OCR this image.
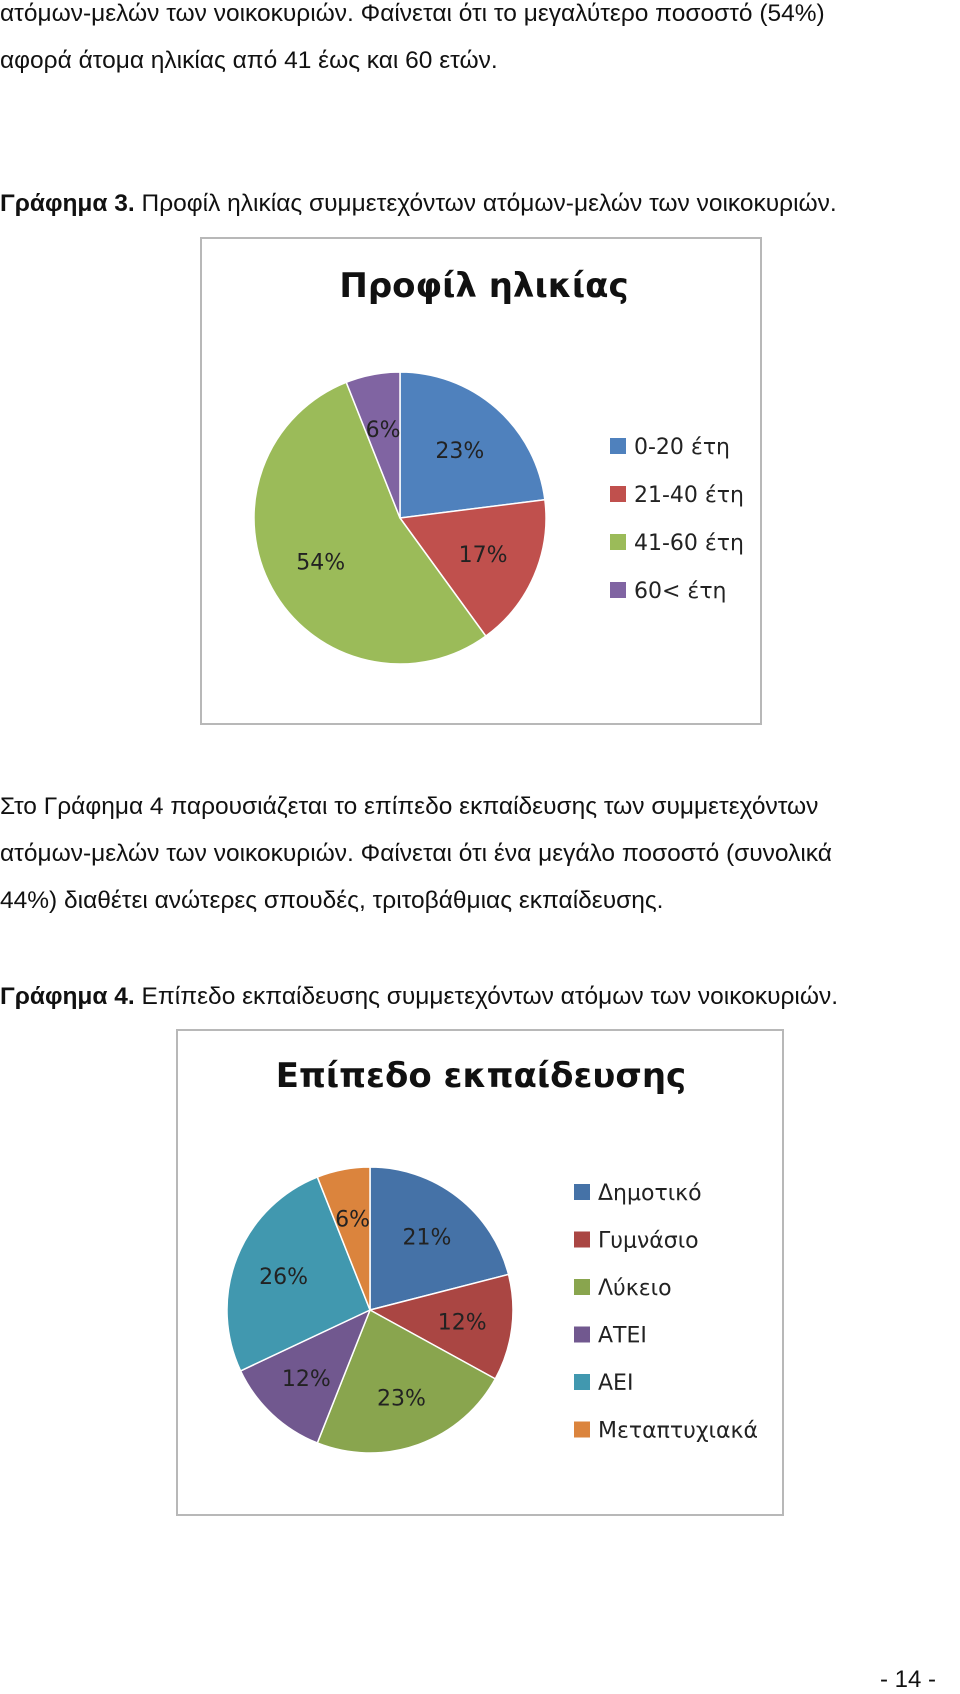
ατόμων-μελών των νοικοκυριών. Φαίνεται ότι το μεγαλύτερο ποσοστό (54%)
αφορά άτομα ηλικίας από 41 έως και 60 ετών.

Γράφημα 3. Προφίλ ηλικίας συμμετεχόντων ατόμων-μελών των νοικοκυριών.

Προφίλ ηλικίας
23%
17%
54%
6%
0-20 έτη
21-40 έτη
41-60 έτη
60< έτη
Στο Γράφημα 4 παρουσιάζεται το επίπεδο εκπαίδευσης των συμμετεχόντων
ατόμων-μελών των νοικοκυριών. Φαίνεται ότι ένα μεγάλο ποσοστό (συνολικά
44%) διαθέτει ανώτερες σπουδές, τριτοβάθμιας εκπαίδευσης.

Γράφημα 4. Επίπεδο εκπαίδευσης συμμετεχόντων ατόμων των νοικοκυριών.

Επίπεδο εκπαίδευσης
21%
12%
23%
12%
26%
6%
Δημοτικό
Γυμνάσιο
Λύκειο
ΑΤΕΙ
ΑΕΙ
Μεταπτυχιακά
- 14 -
